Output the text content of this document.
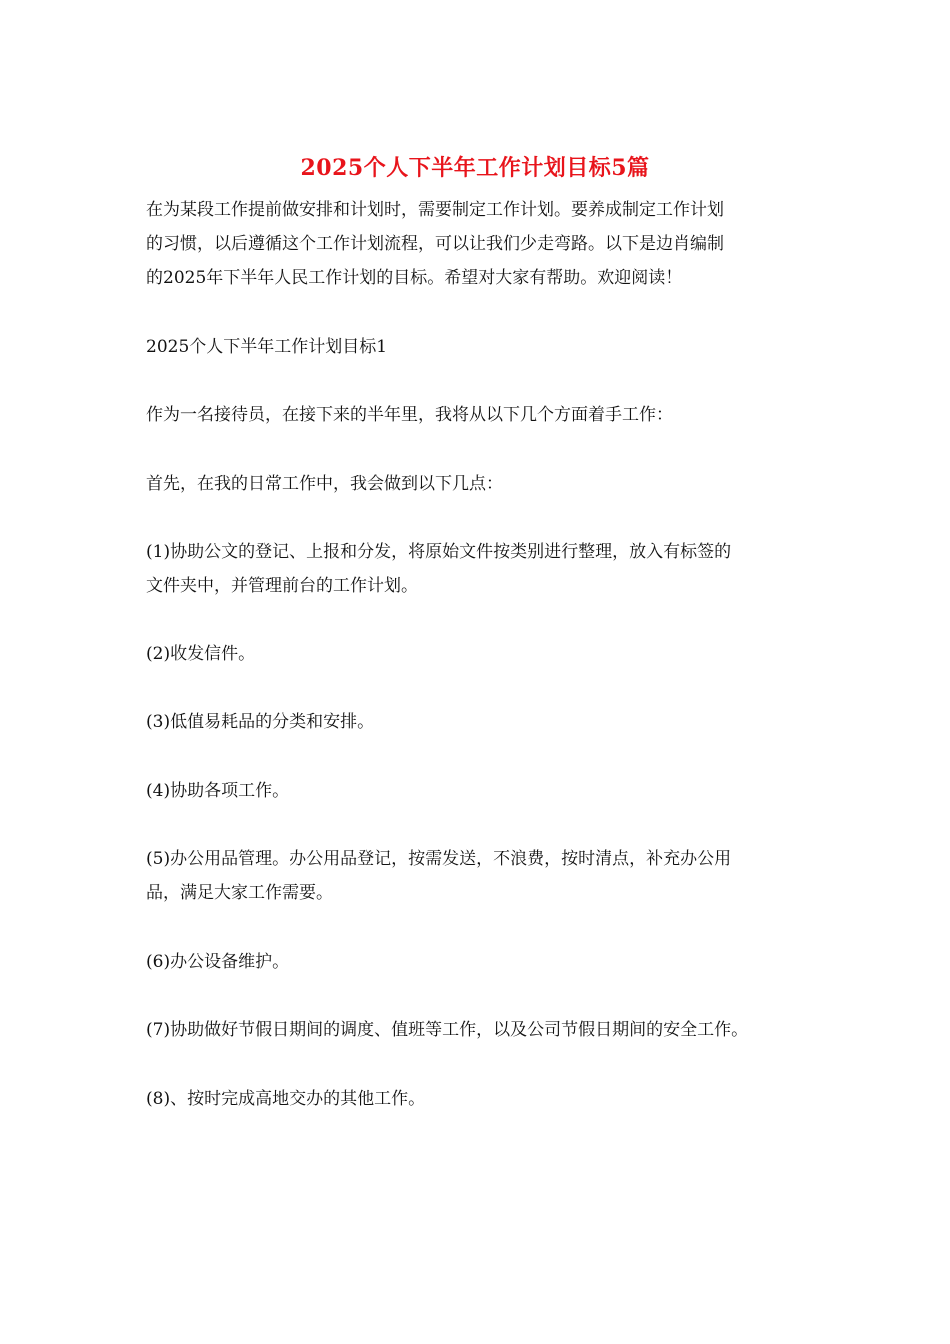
2025个人下半年工作计划目标5篇
在为某段工作提前做安排和计划时，需要制定工作计划。要养成制定工作计划
的习惯，以后遵循这个工作计划流程，可以让我们少走弯路。以下是边肖编制
的2025年下半年人民工作计划的目标。希望对大家有帮助。欢迎阅读！
2025个人下半年工作计划目标1
作为一名接待员，在接下来的半年里，我将从以下几个方面着手工作：
首先，在我的日常工作中，我会做到以下几点：
(1)协助公文的登记、上报和分发，将原始文件按类别进行整理，放入有标签的
文件夹中，并管理前台的工作计划。
(2)收发信件。
(3)低值易耗品的分类和安排。
(4)协助各项工作。
(5)办公用品管理。办公用品登记，按需发送，不浪费，按时清点，补充办公用
品，满足大家工作需要。
(6)办公设备维护。
(7)协助做好节假日期间的调度、值班等工作，以及公司节假日期间的安全工作。
(8)、按时完成高地交办的其他工作。
